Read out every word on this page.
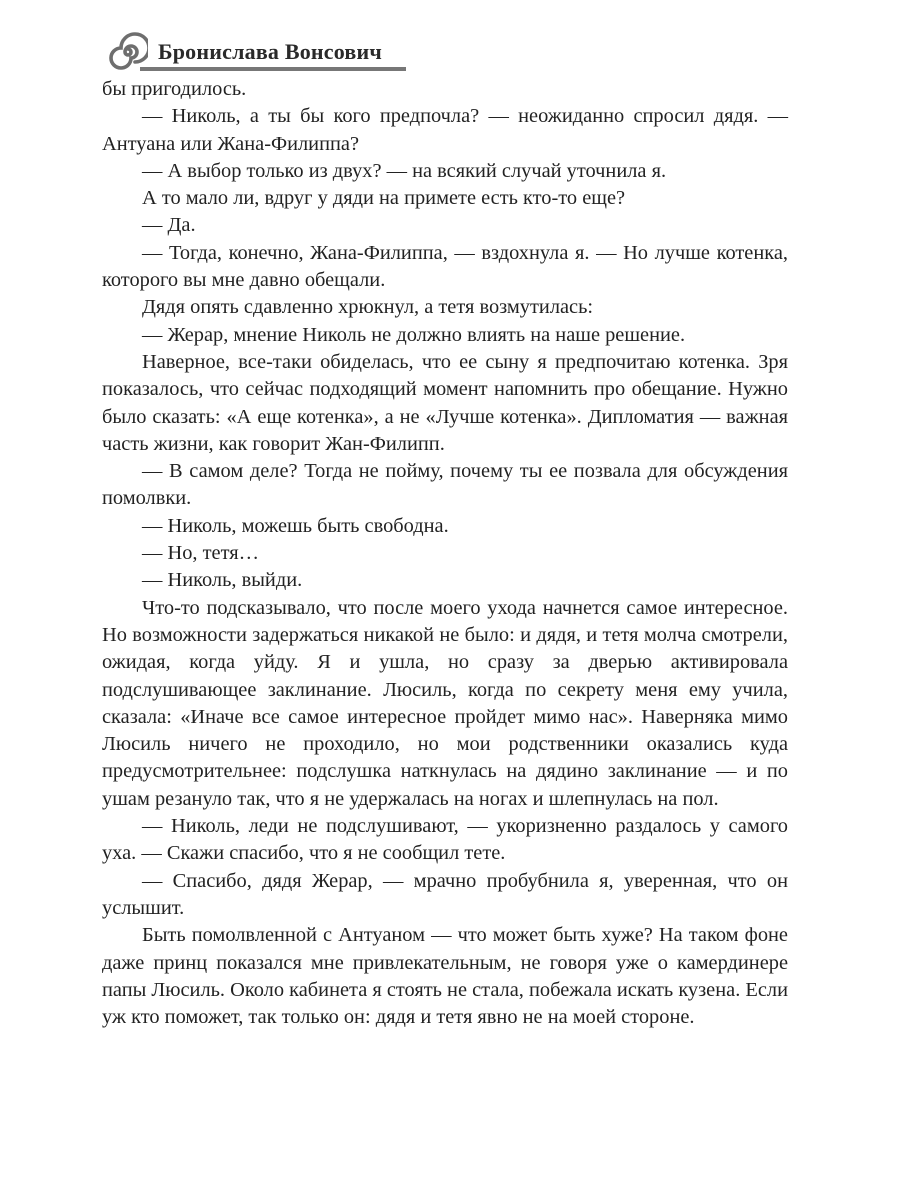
Бронислава Вонсович

бы пригодилось.

— Николь, а ты бы кого предпочла? — неожиданно спросил дядя. — Антуана или Жана-Филиппа?

— А выбор только из двух? — на всякий случай уточнила я.

А то мало ли, вдруг у дяди на примете есть кто-то еще?

— Да.

— Тогда, конечно, Жана-Филиппа, — вздохнула я. — Но лучше котенка, которого вы мне давно обещали.

Дядя опять сдавленно хрюкнул, а тетя возмутилась:

— Жерар, мнение Николь не должно влиять на наше решение.

Наверное, все-таки обиделась, что ее сыну я предпочитаю котенка. Зря показалось, что сейчас подходящий момент напомнить про обещание. Нужно было сказать: «А еще котенка», а не «Лучше котенка». Дипломатия — важная часть жизни, как говорит Жан-Филипп.

— В самом деле? Тогда не пойму, почему ты ее позвала для обсуждения помолвки.

— Николь, можешь быть свободна.

— Но, тетя…

— Николь, выйди.

Что-то подсказывало, что после моего ухода начнется самое интересное. Но возможности задержаться никакой не было: и дядя, и тетя молча смотрели, ожидая, когда уйду. Я и ушла, но сразу за дверью активировала подслушивающее заклинание. Люсиль, когда по секрету меня ему учила, сказала: «Иначе все самое интересное пройдет мимо нас». Наверняка мимо Люсиль ничего не проходило, но мои родственники оказались куда предусмотрительнее: подслушка наткнулась на дядино заклинание — и по ушам резануло так, что я не удержалась на ногах и шлепнулась на пол.

— Николь, леди не подслушивают, — укоризненно раздалось у самого уха. — Скажи спасибо, что я не сообщил тете.

— Спасибо, дядя Жерар, — мрачно пробубнила я, уверенная, что он услышит.

Быть помолвленной с Антуаном — что может быть хуже? На таком фоне даже принц показался мне привлекательным, не говоря уже о камердинере папы Люсиль. Около кабинета я стоять не стала, побежала искать кузена. Если уж кто поможет, так только он: дядя и тетя явно не на моей стороне.
